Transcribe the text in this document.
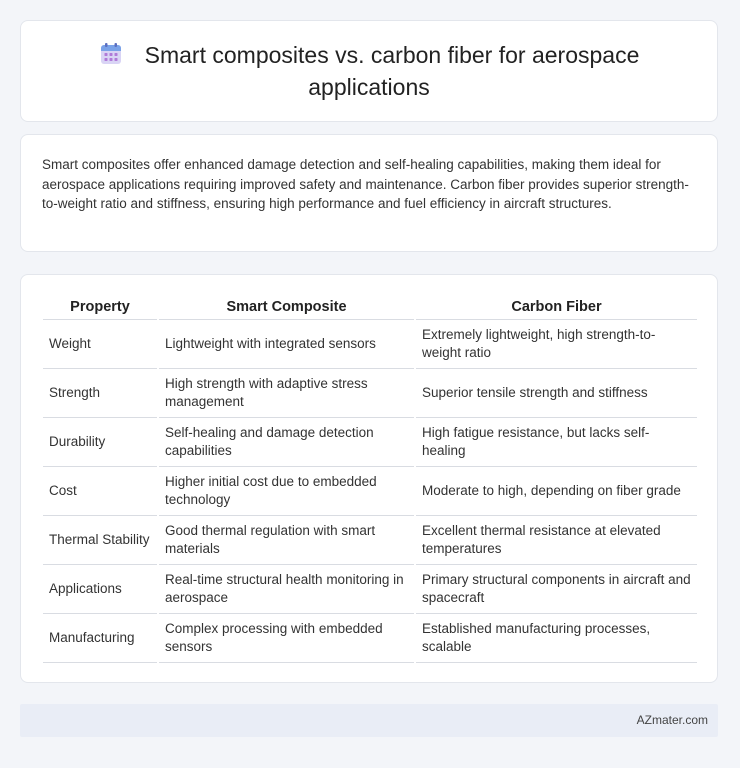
Smart composites vs. carbon fiber for aerospace applications

Smart composites offer enhanced damage detection and self-healing capabilities, making them ideal for aerospace applications requiring improved safety and maintenance. Carbon fiber provides superior strength-to-weight ratio and stiffness, ensuring high performance and fuel efficiency in aircraft structures.

Property	Smart Composite	Carbon Fiber
Weight	Lightweight with integrated sensors	Extremely lightweight, high strength-to-weight ratio
Strength	High strength with adaptive stress management	Superior tensile strength and stiffness
Durability	Self-healing and damage detection capabilities	High fatigue resistance, but lacks self-healing
Cost	Higher initial cost due to embedded technology	Moderate to high, depending on fiber grade
Thermal Stability	Good thermal regulation with smart materials	Excellent thermal resistance at elevated temperatures
Applications	Real-time structural health monitoring in aerospace	Primary structural components in aircraft and spacecraft
Manufacturing	Complex processing with embedded sensors	Established manufacturing processes, scalable
AZmater.com
